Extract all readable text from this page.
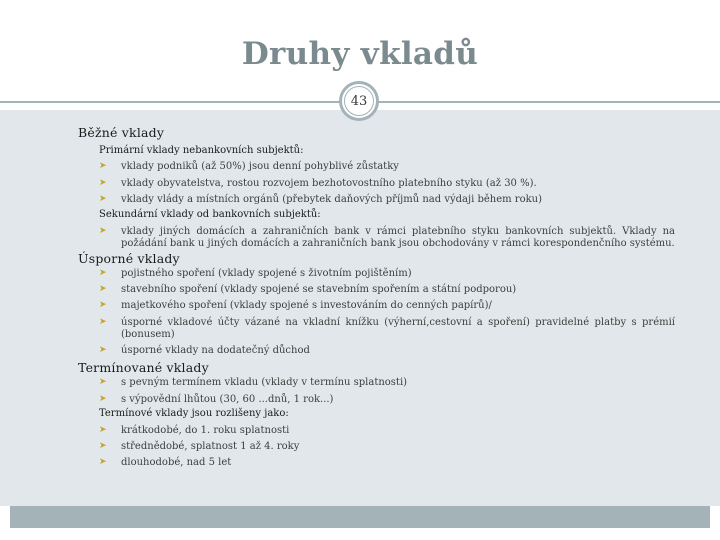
Druhy vkladů
43
Běžné vklady
Primární vklady nebankovních subjektů:
➤ vklady podniků (až 50%) jsou denní pohyblivé zůstatky
➤ vklady obyvatelstva, rostou rozvojem bezhotovostního platebního styku (až 30 %).
➤ vklady vlády a místních orgánů (přebytek daňových příjmů nad výdaji během roku)
Sekundární vklady od bankovních subjektů:
➤ vklady jiných domácích a zahraničních bank v rámci platebního styku bankovních subjektů. Vklady na požádání bank u jiných domácích a zahraničních bank jsou obchodovány v rámci korespondenčního systému.
Úsporné vklady
➤ pojistného spoření (vklady spojené s životním pojištěním)
➤ stavebního spoření (vklady spojené se stavebním spořením a státní podporou)
➤ majetkového spoření (vklady spojené s investováním do cenných papírů)/
➤ úsporné vkladové účty vázané na vkladní knížku (výherní,cestovní a spoření) pravidelné platby s prémií (bonusem)
➤ úsporné vklady na dodatečný důchod
Termínované vklady
➤ s pevným termínem vkladu (vklady v termínu splatnosti)
➤ s výpovědní lhůtou (30, 60 ...dnů, 1 rok...)
Termínové vklady jsou rozlišeny jako:
➤ krátkodobé, do 1. roku splatnosti
➤ střednědobé, splatnost 1 až 4. roky
➤ dlouhodobé, nad 5 let
